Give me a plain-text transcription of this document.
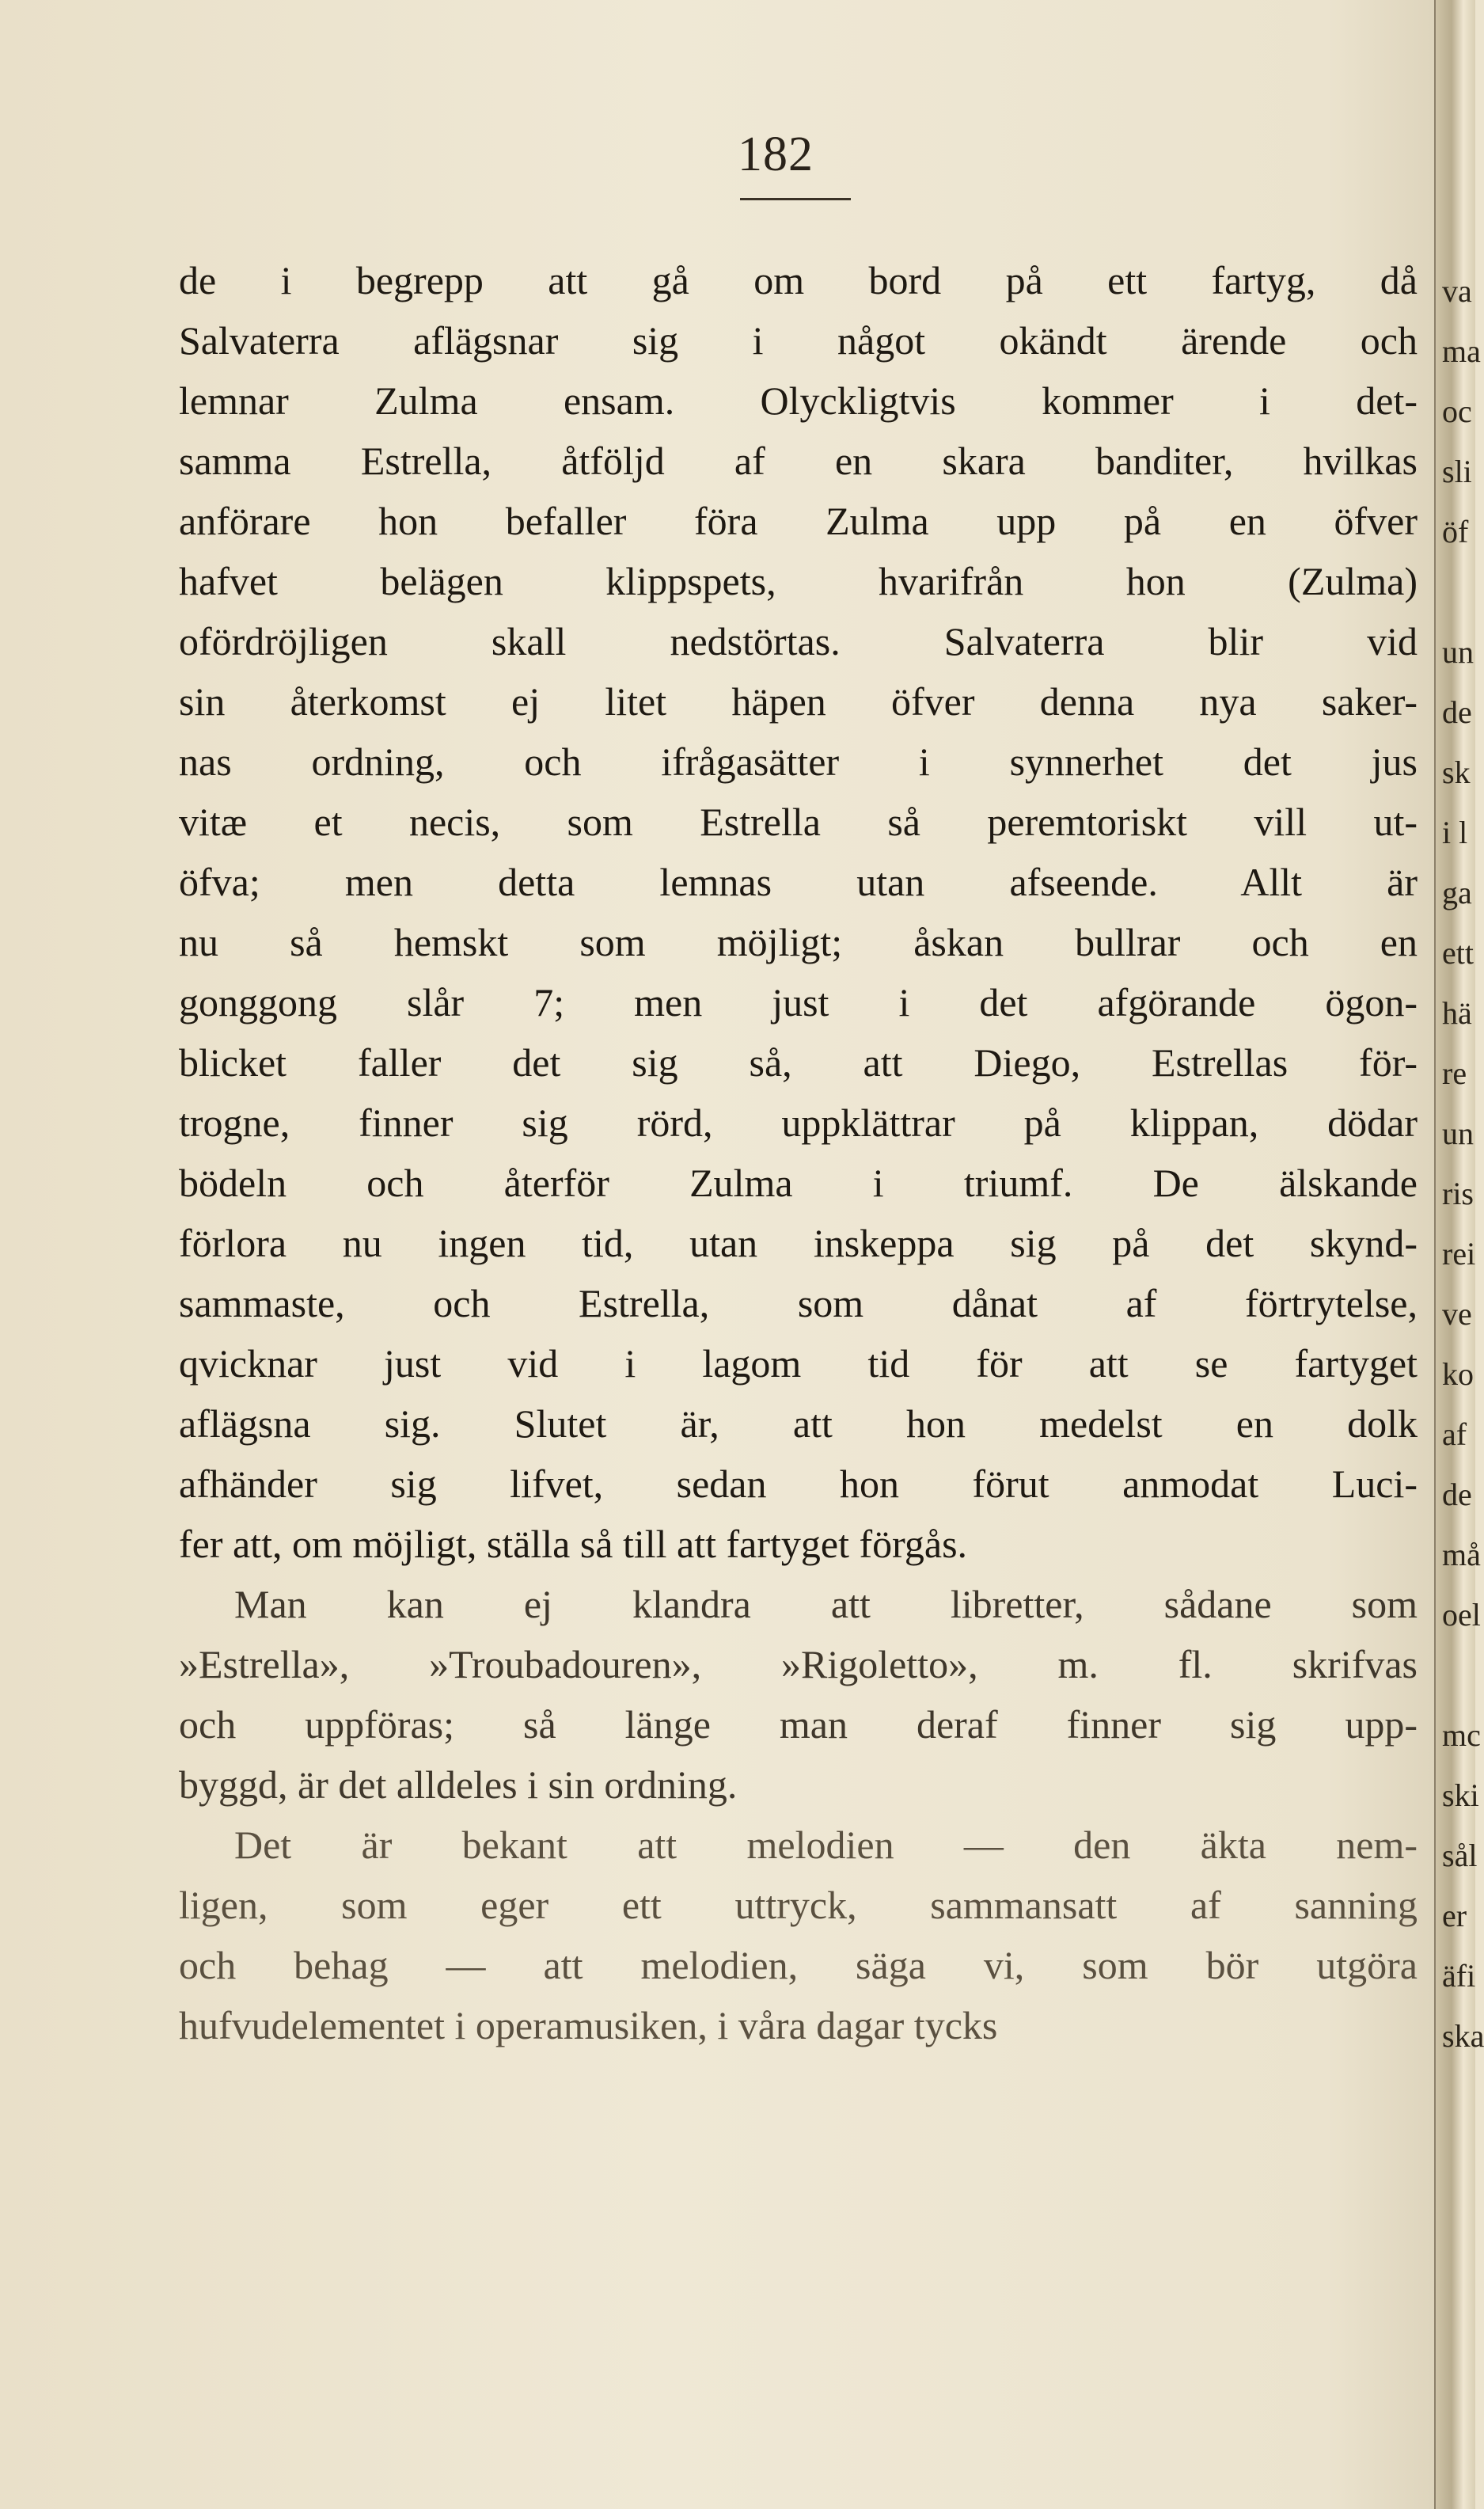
182
de i begrepp att gå om bord på ett fartyg, då
Salvaterra aflägsnar sig i något okändt ärende och
lemnar Zulma ensam. Olyckligtvis kommer i det-
samma Estrella, åtföljd af en skara banditer, hvilkas
anförare hon befaller föra Zulma upp på en öfver
hafvet belägen klippspets, hvarifrån hon (Zulma)
ofördröjligen skall nedstörtas. Salvaterra blir vid
sin återkomst ej litet häpen öfver denna nya saker-
nas ordning, och ifrågasätter i synnerhet det jus
vitæ et necis, som Estrella så peremtoriskt vill ut-
öfva; men detta lemnas utan afseende. Allt är
nu så hemskt som möjligt; åskan bullrar och en
gonggong slår 7; men just i det afgörande ögon-
blicket faller det sig så, att Diego, Estrellas för-
trogne, finner sig rörd, uppklättrar på klippan, dödar
bödeln och återför Zulma i triumf. De älskande
förlora nu ingen tid, utan inskeppa sig på det skynd-
sammaste, och Estrella, som dånat af förtrytelse,
qvicknar just vid i lagom tid för att se fartyget
aflägsna sig. Slutet är, att hon medelst en dolk
afhänder sig lifvet, sedan hon förut anmodat Luci-
fer att, om möjligt, ställa så till att fartyget förgås.
Man kan ej klandra att libretter, sådane som
»Estrella», »Troubadouren», »Rigoletto», m. fl. skrifvas
och uppföras; så länge man deraf finner sig upp-
byggd, är det alldeles i sin ordning.
Det är bekant att melodien — den äkta nem-
ligen, som eger ett uttryck, sammansatt af sanning
och behag — att melodien, säga vi, som bör utgöra
hufvudelementet i operamusiken, i våra dagar tycks
va
ma
oc
sli
öf
un
de
sk
i l
ga
ett
hä
re
un
ris
rei
ve
ko
af
de
må
oel
mc
ski
sål
er
äfi
ska
